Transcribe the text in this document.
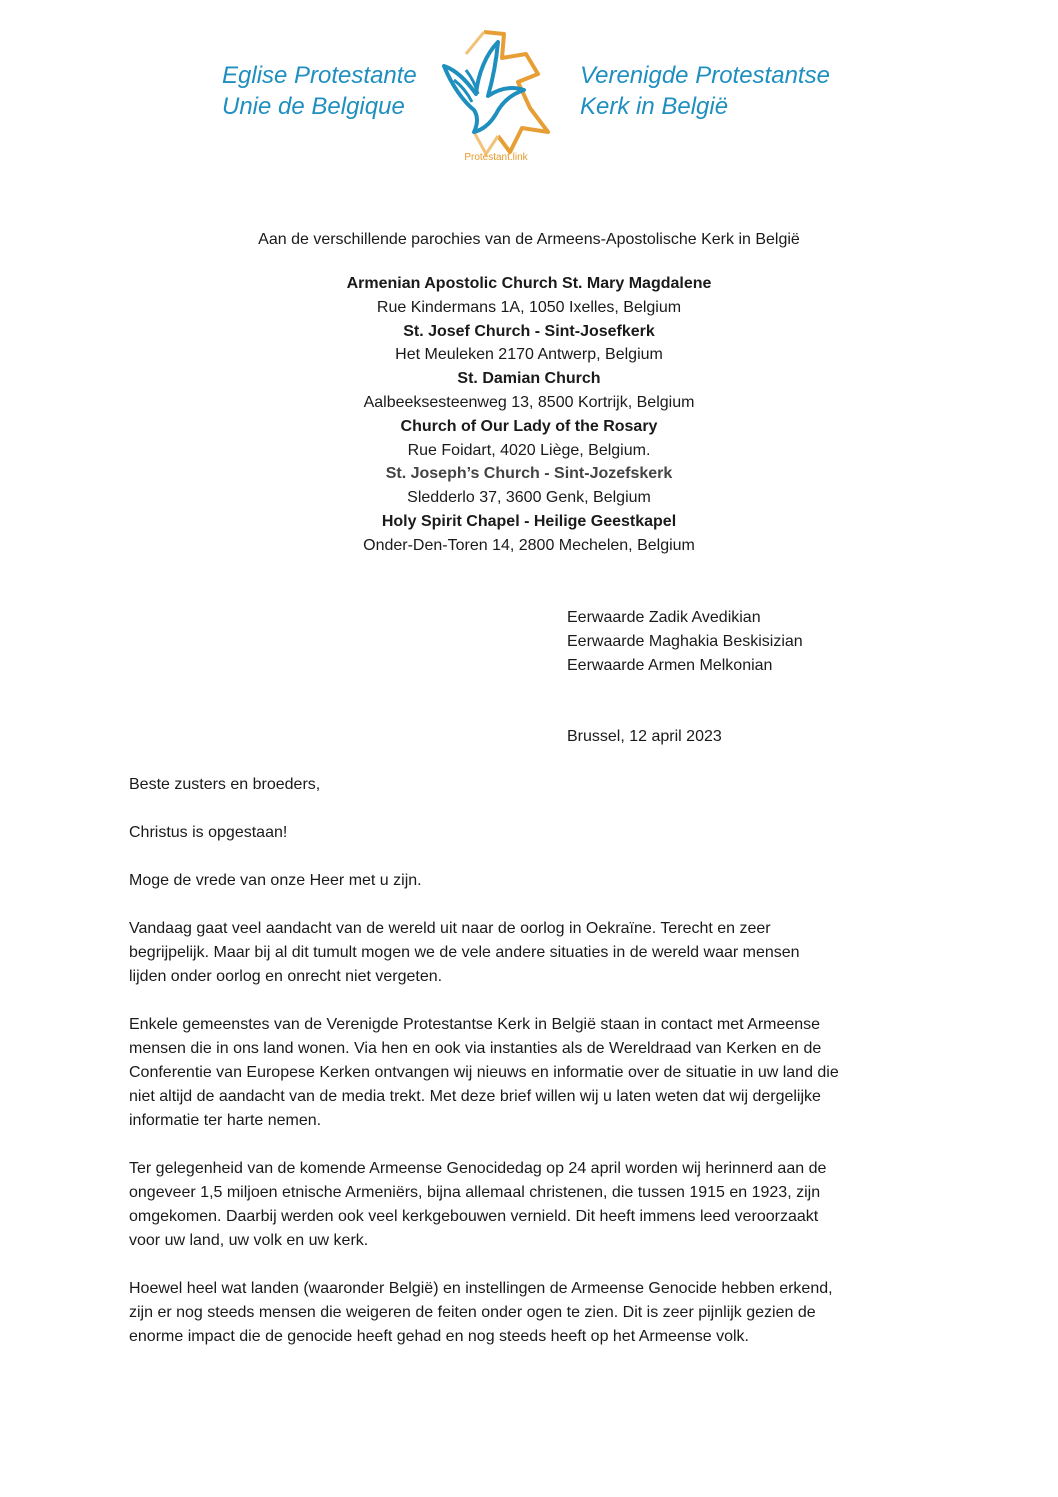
Eglise Protestante
Unie de Belgique
Protestant.link
Verenigde Protestantse
Kerk in België
Aan de verschillende parochies van de Armeens-Apostolische Kerk in België
Armenian Apostolic Church St. Mary Magdalene
Rue Kindermans 1A, 1050 Ixelles, Belgium
St. Josef Church - Sint-Josefkerk
Het Meuleken 2170 Antwerp, Belgium
St. Damian Church
Aalbeeksesteenweg 13, 8500 Kortrijk, Belgium
Church of Our Lady of the Rosary
Rue Foidart, 4020 Liège, Belgium.
St. Joseph’s Church - Sint-Jozefskerk
Sledderlo 37, 3600 Genk, Belgium
Holy Spirit Chapel - Heilige Geestkapel
Onder-Den-Toren 14, 2800 Mechelen, Belgium
Eerwaarde Zadik Avedikian
Eerwaarde Maghakia Beskisizian
Eerwaarde Armen Melkonian
Brussel, 12 april 2023
Beste zusters en broeders,
Christus is opgestaan!
Moge de vrede van onze Heer met u zijn.
Vandaag gaat veel aandacht van de wereld uit naar de oorlog in Oekraïne. Terecht en zeer
begrijpelijk. Maar bij al dit tumult mogen we de vele andere situaties in de wereld waar mensen
lijden onder oorlog en onrecht niet vergeten.
Enkele gemeenstes van de Verenigde Protestantse Kerk in België staan in contact met Armeense
mensen die in ons land wonen. Via hen en ook via instanties als de Wereldraad van Kerken en de
Conferentie van Europese Kerken ontvangen wij nieuws en informatie over de situatie in uw land die
niet altijd de aandacht van de media trekt. Met deze brief willen wij u laten weten dat wij dergelijke
informatie ter harte nemen.
Ter gelegenheid van de komende Armeense Genocidedag op 24 april worden wij herinnerd aan de
ongeveer 1,5 miljoen etnische Armeniërs, bijna allemaal christenen, die tussen 1915 en 1923, zijn
omgekomen. Daarbij werden ook veel kerkgebouwen vernield. Dit heeft immens leed veroorzaakt
voor uw land, uw volk en uw kerk.
Hoewel heel wat landen (waaronder België) en instellingen de Armeense Genocide hebben erkend,
zijn er nog steeds mensen die weigeren de feiten onder ogen te zien. Dit is zeer pijnlijk gezien de
enorme impact die de genocide heeft gehad en nog steeds heeft op het Armeense volk.
